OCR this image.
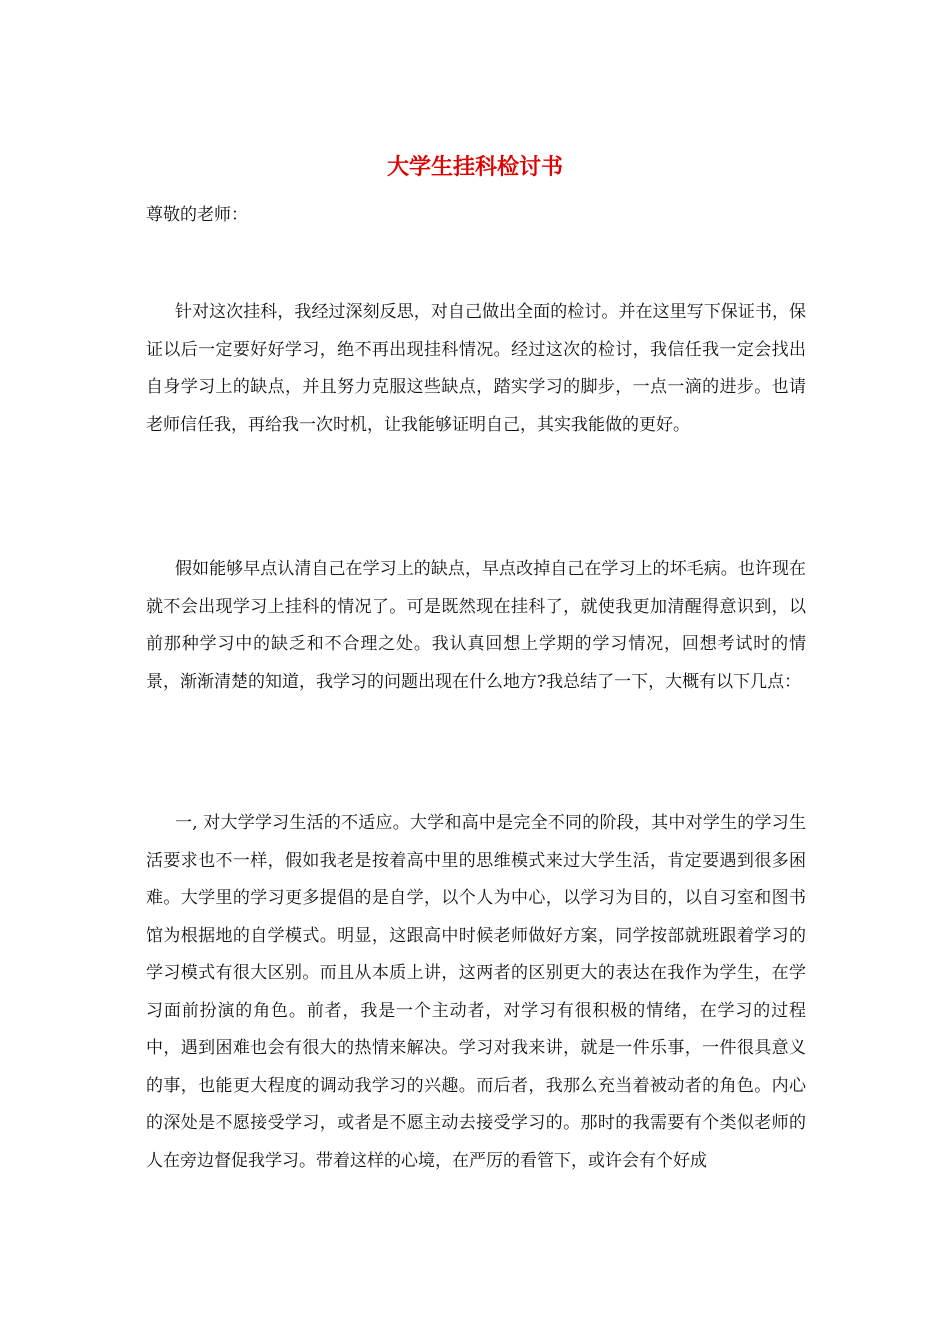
大学生挂科检讨书
尊敬的老师：

针对这次挂科，我经过深刻反思，对自己做出全面的检讨。并在这里写下保证书，保证以后一定要好好学习，绝不再出现挂科情况。经过这次的检讨，我信任我一定会找出自身学习上的缺点，并且努力克服这些缺点，踏实学习的脚步，一点一滴的进步。也请老师信任我，再给我一次时机，让我能够证明自己，其实我能做的更好。

假如能够早点认清自己在学习上的缺点，早点改掉自己在学习上的坏毛病。也许现在就不会出现学习上挂科的情况了。可是既然现在挂科了，就使我更加清醒得意识到，以前那种学习中的缺乏和不合理之处。我认真回想上学期的学习情况，回想考试时的情景，渐渐清楚的知道，我学习的问题出现在什么地方?我总结了一下，大概有以下几点：

一, 对大学学习生活的不适应。大学和高中是完全不同的阶段，其中对学生的学习生活要求也不一样，假如我老是按着高中里的思维模式来过大学生活，肯定要遇到很多困难。大学里的学习更多提倡的是自学，以个人为中心，以学习为目的，以自习室和图书馆为根据地的自学模式。明显，这跟高中时候老师做好方案，同学按部就班跟着学习的学习模式有很大区别。而且从本质上讲，这两者的区别更大的表达在我作为学生，在学习面前扮演的角色。前者，我是一个主动者，对学习有很积极的情绪，在学习的过程中，遇到困难也会有很大的热情来解决。学习对我来讲，就是一件乐事，一件很具意义的事，也能更大程度的调动我学习的兴趣。而后者，我那么充当着被动者的角色。内心的深处是不愿接受学习，或者是不愿主动去接受学习的。那时的我需要有个类似老师的人在旁边督促我学习。带着这样的心境，在严厉的看管下，或许会有个好成
